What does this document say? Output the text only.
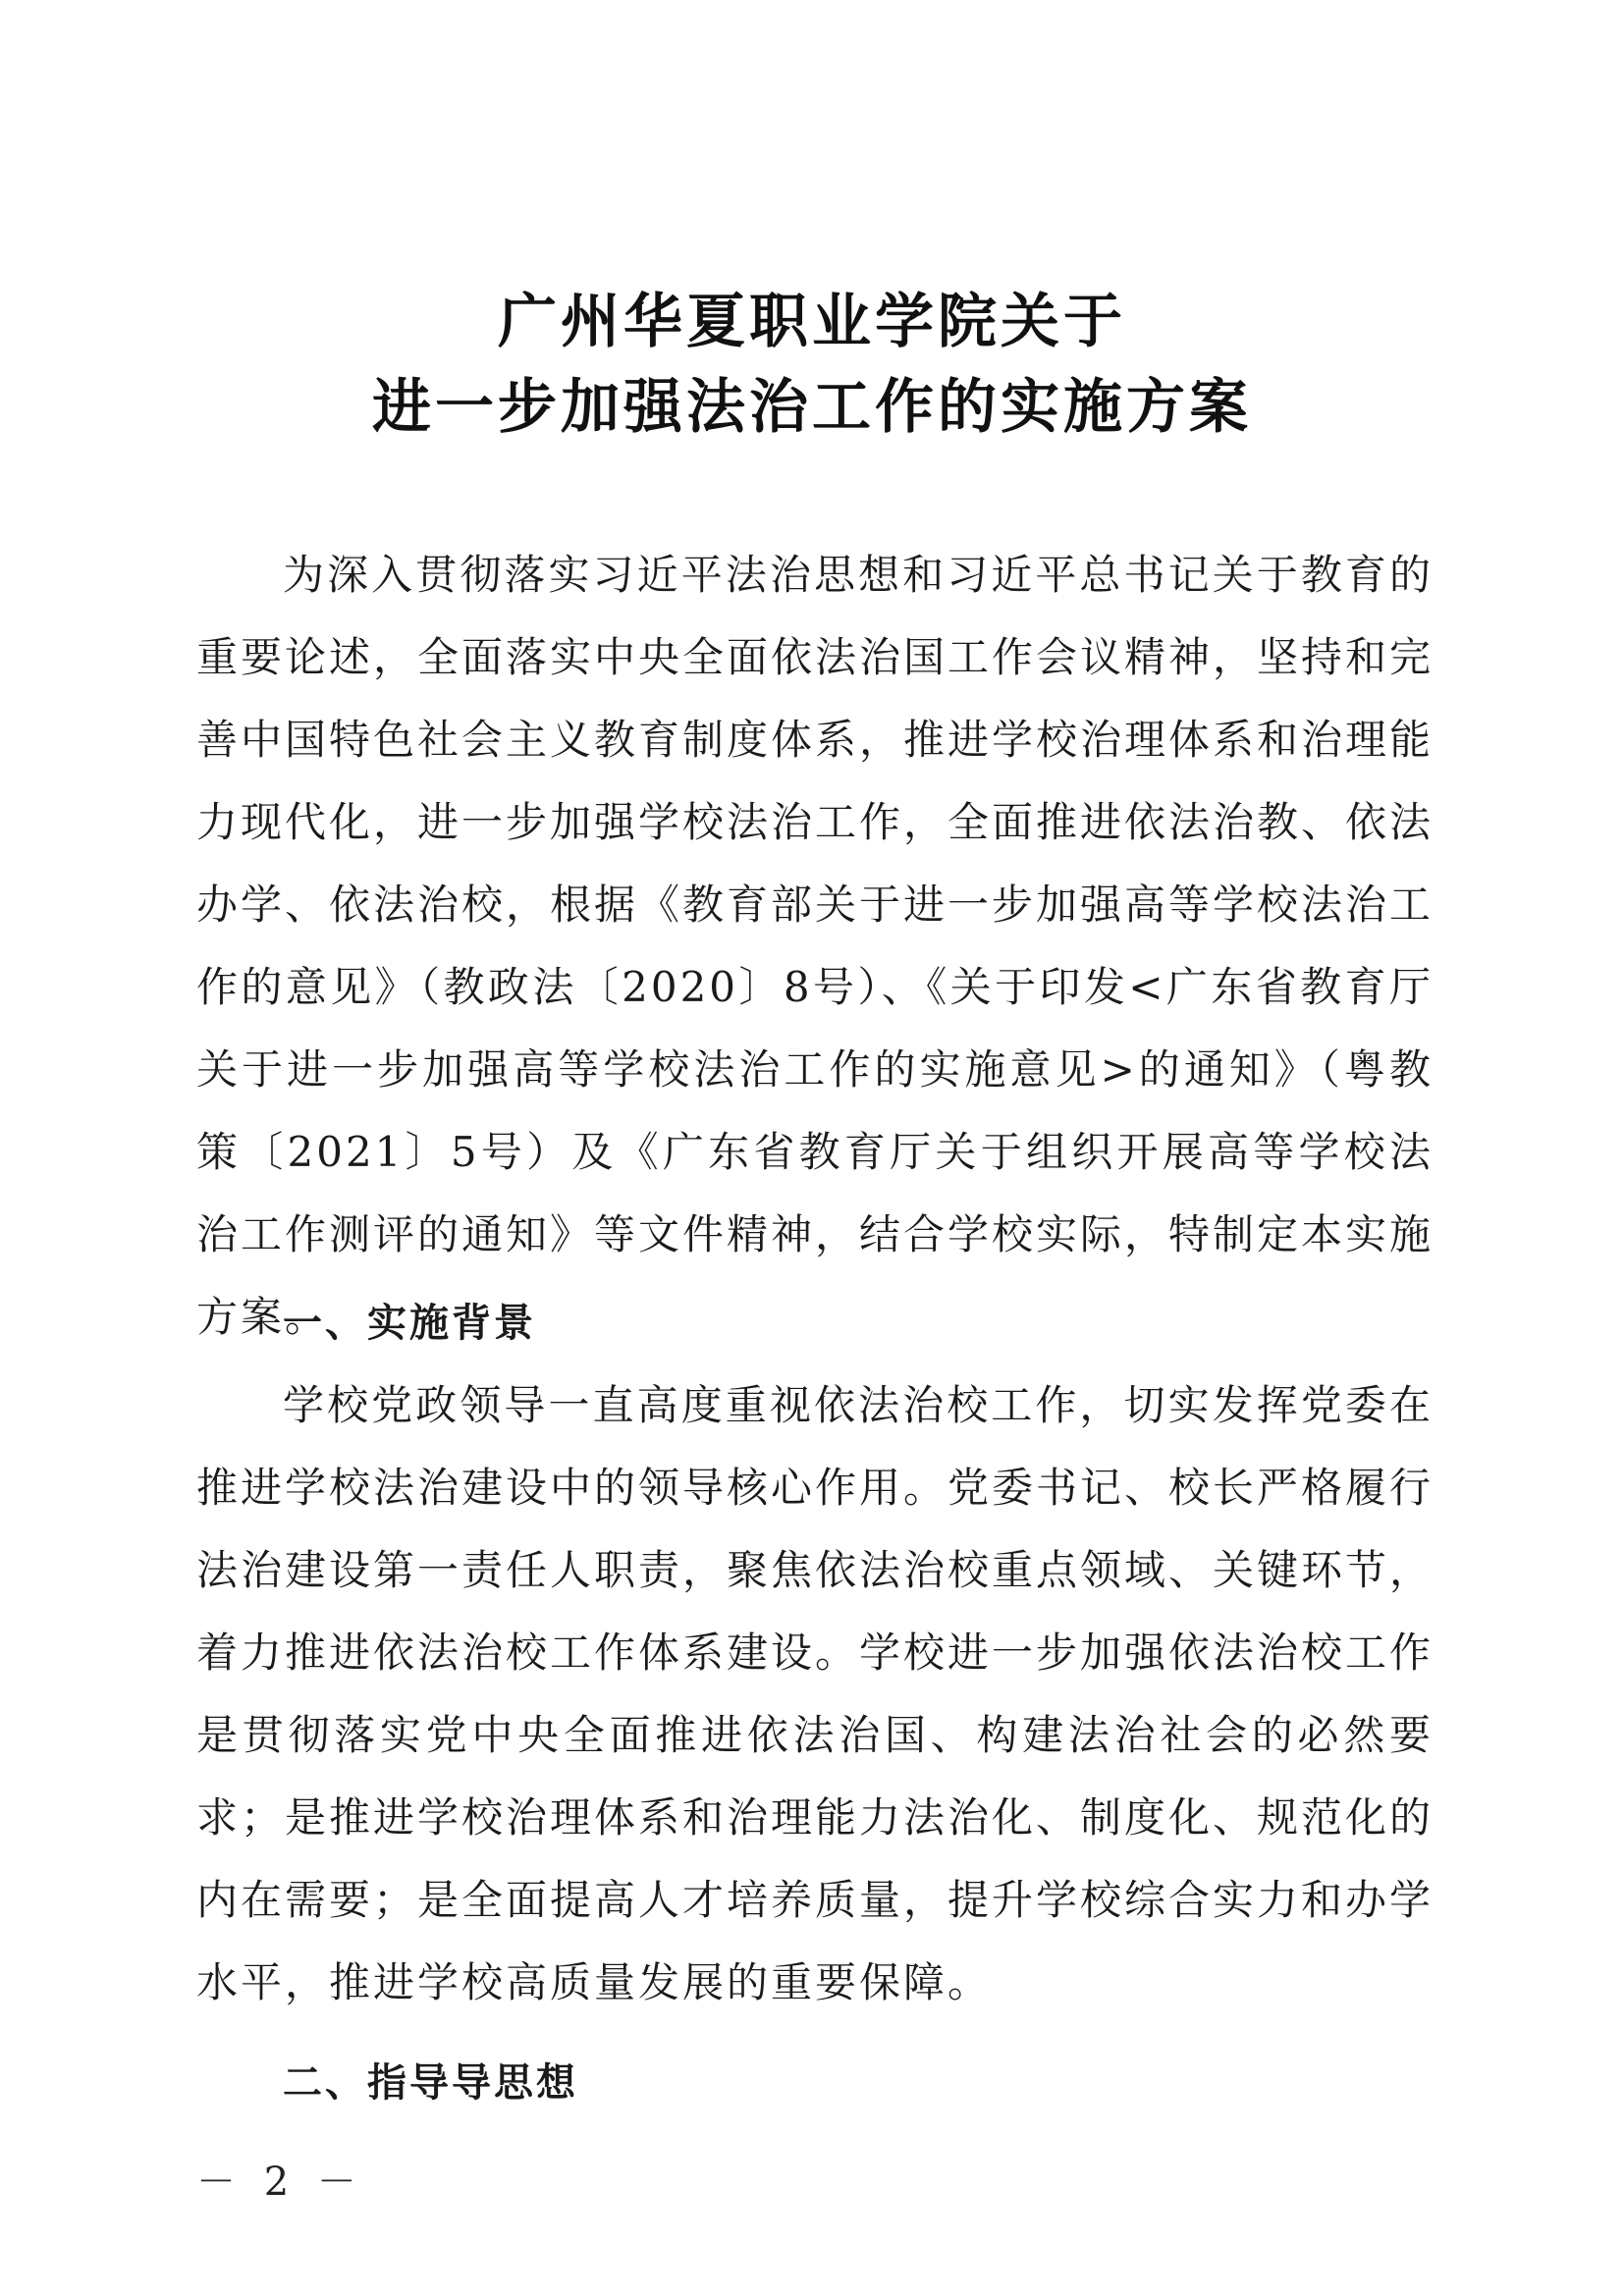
广州华夏职业学院关于
进一步加强法治工作的实施方案

为深入贯彻落实习近平法治思想和习近平总书记关于教育的重要论述，全面落实中央全面依法治国工作会议精神，坚持和完善中国特色社会主义教育制度体系，推进学校治理体系和治理能力现代化，进一步加强学校法治工作，全面推进依法治教、依法办学、依法治校，根据《教育部关于进一步加强高等学校法治工作的意见》（教政法〔2020〕8号）、《关于印发<广东省教育厅关于进一步加强高等学校法治工作的实施意见>的通知》（粤教策〔2021〕5号）及《广东省教育厅关于组织开展高等学校法治工作测评的通知》等文件精神，结合学校实际，特制定本实施方案。

一、实施背景

学校党政领导一直高度重视依法治校工作，切实发挥党委在推进学校法治建设中的领导核心作用。党委书记、校长严格履行法治建设第一责任人职责，聚焦依法治校重点领域、关键环节，着力推进依法治校工作体系建设。学校进一步加强依法治校工作是贯彻落实党中央全面推进依法治国、构建法治社会的必然要求；是推进学校治理体系和治理能力法治化、制度化、规范化的内在需要；是全面提高人才培养质量，提升学校综合实力和办学水平，推进学校高质量发展的重要保障。

二、指导导思想

－ 2 －
